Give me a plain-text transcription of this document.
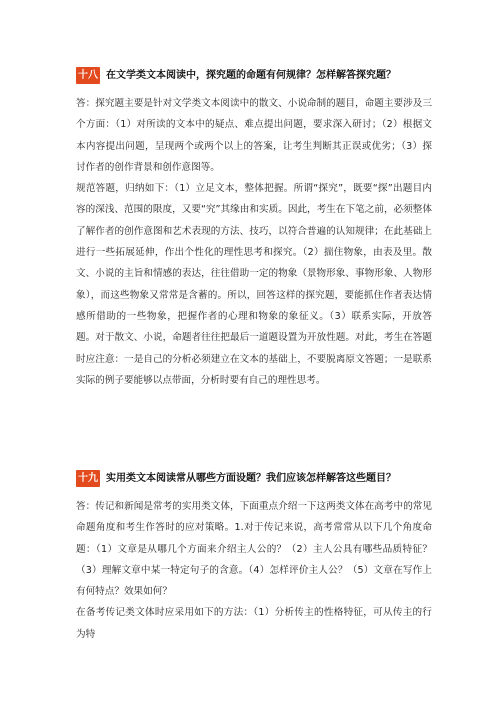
十八 在文学类文本阅读中，探究题的命题有何规律？怎样解答探究题？

答：探究题主要是针对文学类文本阅读中的散文、小说命制的题目，命题主要涉及三个方面：（1）对所读的文本中的疑点、难点提出问题，要求深入研讨；（2）根据文本内容提出问题，呈现两个或两个以上的答案，让考生判断其正误或优劣；（3）探讨作者的创作背景和创作意图等。

规范答题，归纳如下：（1）立足文本，整体把握。所谓“探究”，既要“探”出题目内容的深浅、范围的限度，又要“究”其缘由和实质。因此，考生在下笔之前，必须整体了解作者的创作意图和艺术表现的方法、技巧，以符合普遍的认知规律；在此基础上进行一些拓展延伸，作出个性化的理性思考和探究。（2）揣住物象，由表及里。散文、小说的主旨和情感的表达，往往借助一定的物象（景物形象、事物形象、人物形象），而这些物象又常常是含蓄的。所以，回答这样的探究题，要能抓住作者表达情感所借助的一些物象，把握作者的心理和物象的象征义。（3）联系实际，开放答题。对于散文、小说，命题者往往把最后一道题设置为开放性题。对此，考生在答题时应注意：一是自己的分析必须建立在文本的基础上，不要脱离原文答题；一是联系实际的例子要能够以点带面，分析时要有自己的理性思考。

十九 实用类文本阅读常从哪些方面设题？我们应该怎样解答这些题目？

答：传记和新闻是常考的实用类文体，下面重点介绍一下这两类文体在高考中的常见命题角度和考生作答时的应对策略。1.对于传记来说，高考常常从以下几个角度命题：（1）文章是从哪几个方面来介绍主人公的？（2）主人公具有哪些品质特征？（3）理解文章中某一特定句子的含意。（4）怎样评价主人公？（5）文章在写作上有何特点？效果如何？

在备考传记类文体时应采用如下的方法：（1）分析传主的性格特征，可从传主的行为特
